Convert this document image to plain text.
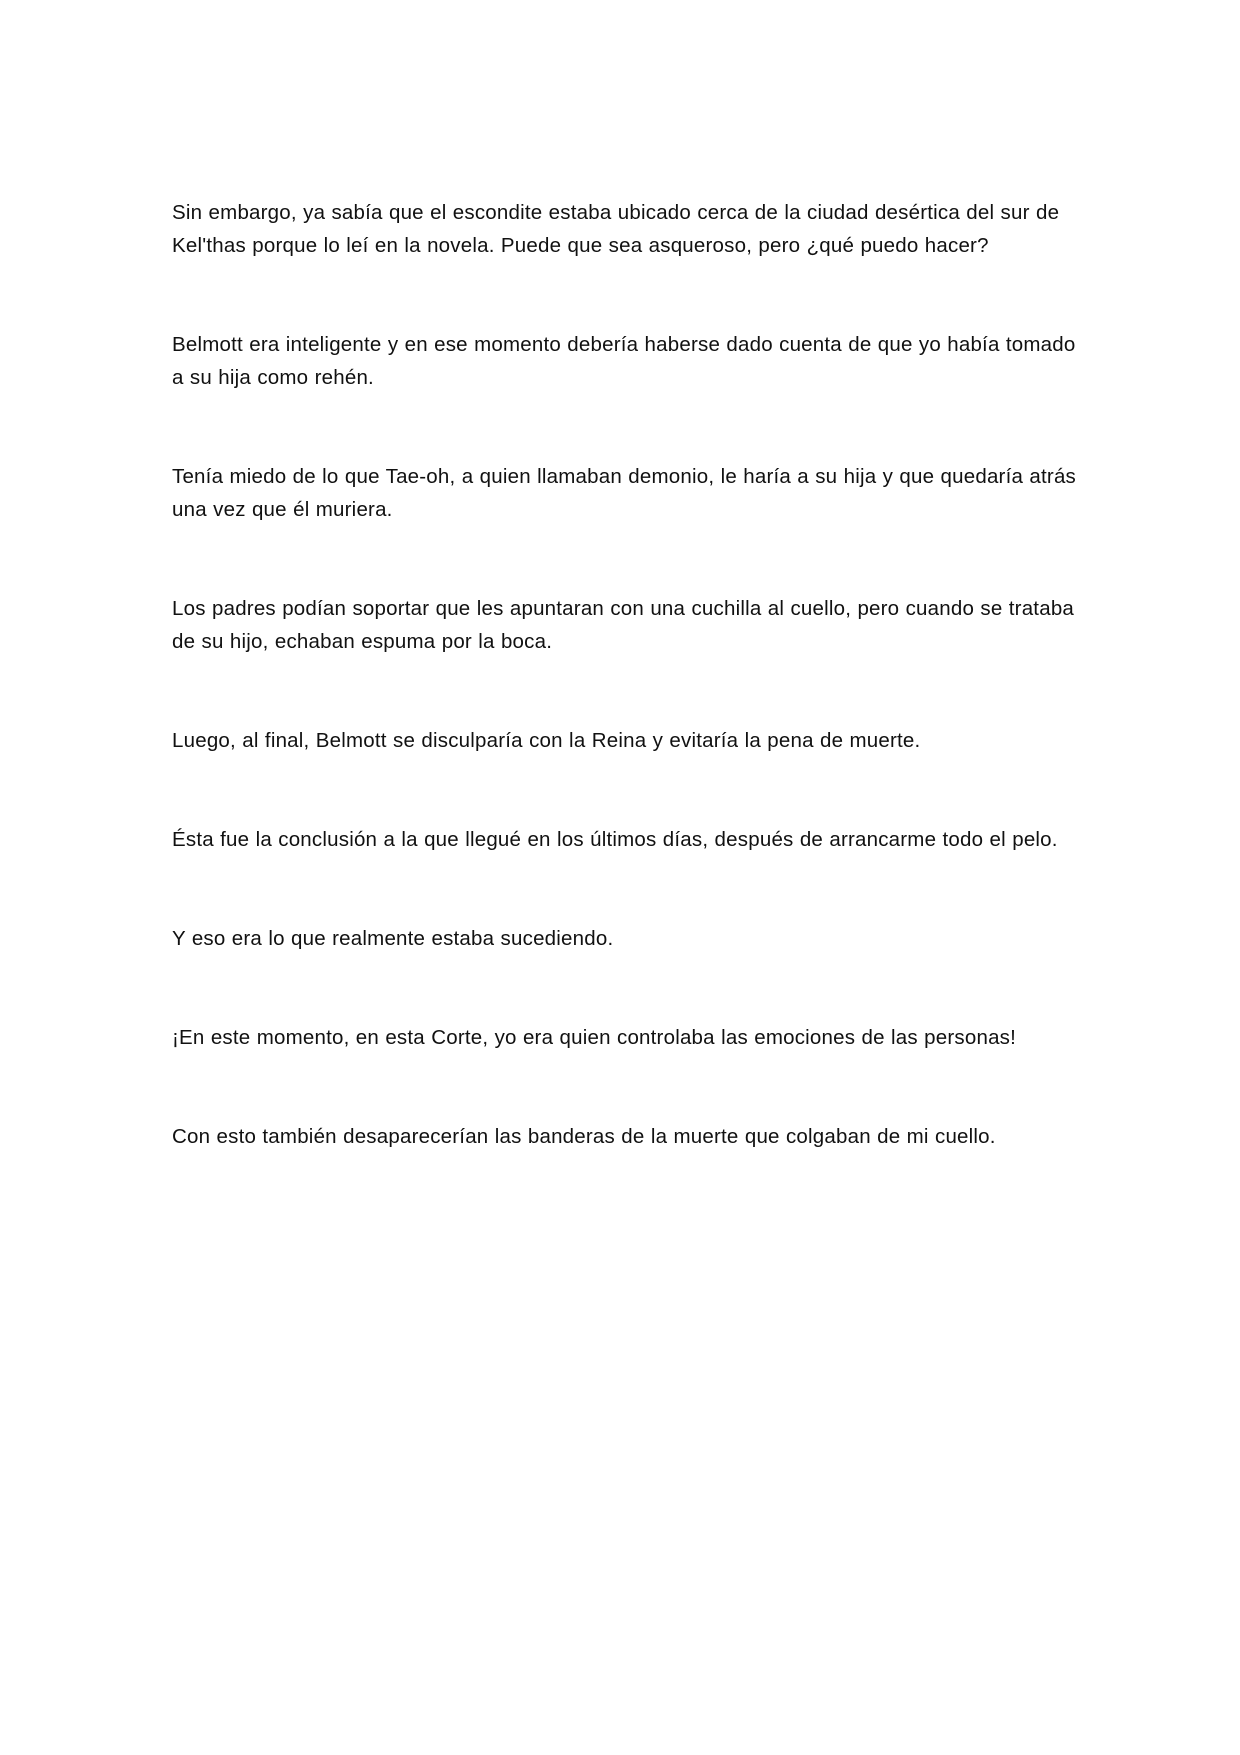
Sin embargo, ya sabía que el escondite estaba ubicado cerca de la ciudad desértica del sur de Kel'thas porque lo leí en la novela. Puede que sea asqueroso, pero ¿qué puedo hacer?

Belmott era inteligente y en ese momento debería haberse dado cuenta de que yo había tomado a su hija como rehén.

Tenía miedo de lo que Tae-oh, a quien llamaban demonio, le haría a su hija y que quedaría atrás una vez que él muriera.

Los padres podían soportar que les apuntaran con una cuchilla al cuello, pero cuando se trataba de su hijo, echaban espuma por la boca.

Luego, al final, Belmott se disculparía con la Reina y evitaría la pena de muerte.

Ésta fue la conclusión a la que llegué en los últimos días, después de arrancarme todo el pelo.

Y eso era lo que realmente estaba sucediendo.

¡En este momento, en esta Corte, yo era quien controlaba las emociones de las personas!

Con esto también desaparecerían las banderas de la muerte que colgaban de mi cuello.
